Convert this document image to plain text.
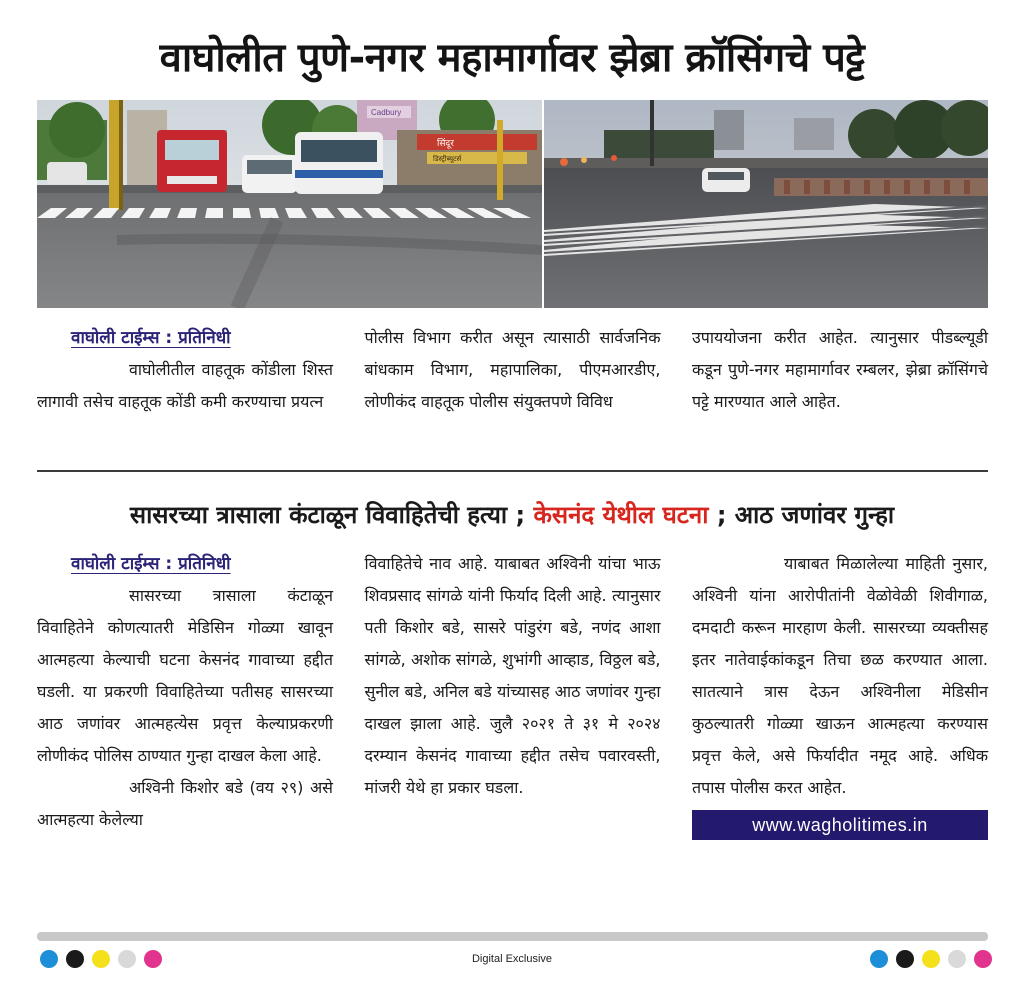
वाघोलीत पुणे-नगर महामार्गावर झेब्रा क्रॉसिंगचे पट्टे
Cadbury
सिंदूर
डिस्ट्रीब्यूटर्स
वाघोली टाईम्स : प्रतिनिधी

वाघोलीतील वाहतूक कोंडीला शिस्त लागावी तसेच वाहतूक कोंडी कमी करण्याचा प्रयत्न

पोलीस विभाग करीत असून त्यासाठी सार्वजनिक बांधकाम विभाग, महापालिका, पीएमआरडीए, लोणीकंद वाहतूक पोलीस संयुक्तपणे विविध

उपाययोजना करीत आहेत. त्यानुसार पीडब्ल्यूडी कडून पुणे-नगर महामार्गावर रम्बलर, झेब्रा क्रॉसिंगचे पट्टे मारण्यात आले आहेत.

सासरच्या त्रासाला कंटाळून विवाहितेची हत्या ; केसनंद येथील घटना ; आठ जणांवर गुन्हा
वाघोली टाईम्स : प्रतिनिधी

सासरच्या त्रासाला कंटाळून विवाहितेने कोणत्यातरी मेडिसिन गोळ्या खावून आत्महत्या केल्याची घटना केसनंद गावाच्या हद्दीत घडली. या प्रकरणी विवाहितेच्या पतीसह सासरच्या आठ जणांवर आत्महत्येस प्रवृत्त केल्याप्रकरणी लोणीकंद पोलिस ठाण्यात गुन्हा दाखल केला आहे.

अश्विनी किशोर बडे (वय २९) असे आत्महत्या केलेल्या

विवाहितेचे नाव आहे. याबाबत अश्विनी यांचा भाऊ शिवप्रसाद सांगळे यांनी फिर्याद दिली आहे. त्यानुसार पती किशोर बडे, सासरे पांडुरंग बडे, नणंद आशा सांगळे, अशोक सांगळे, शुभांगी आव्हाड, विठ्ठल बडे, सुनील बडे, अनिल बडे यांच्यासह आठ जणांवर गुन्हा दाखल झाला आहे. जुलै २०२१ ते ३१ मे २०२४ दरम्यान केसनंद गावाच्या हद्दीत तसेच पवारवस्ती, मांजरी येथे हा प्रकार घडला.

याबाबत मिळालेल्या माहिती नुसार, अश्विनी यांना आरोपीतांनी वेळोवेळी शिवीगाळ, दमदाटी करून मारहाण केली. सासरच्या व्यक्तीसह इतर नातेवाईकांकडून तिचा छळ करण्यात आला. सातत्याने त्रास देऊन अश्विनीला मेडिसीन कुठल्यातरी गोळ्या खाऊन आत्महत्या करण्यास प्रवृत्त केले, असे फिर्यादीत नमूद आहे. अधिक तपास पोलीस करत आहेत.

www.wagholitimes.in
Digital Exclusive
